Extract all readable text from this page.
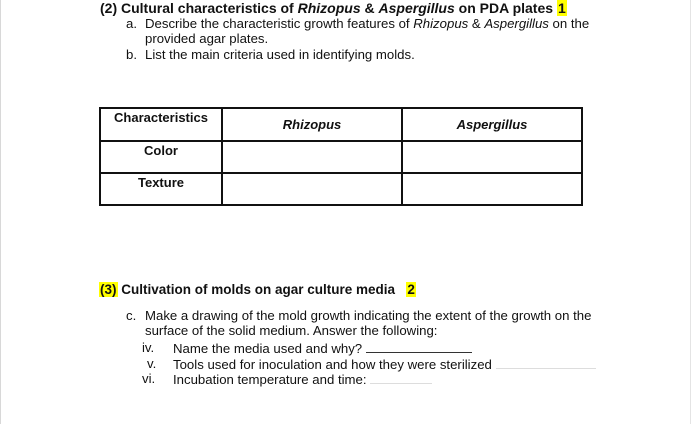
(2) Cultural characteristics of Rhizopus & Aspergillus on PDA plates 1
a. Describe the characteristic growth features of Rhizopus & Aspergillus on the
provided agar plates.
b. List the main criteria used in identifying molds.
Characteristics	Rhizopus	Aspergillus
Color		
Texture		
(3) Cultivation of molds on agar culture media 2
c. Make a drawing of the mold growth indicating the extent of the growth on the
surface of the solid medium. Answer the following:
iv. Name the media used and why?
v. Tools used for inoculation and how they were sterilized
vi. Incubation temperature and time:
